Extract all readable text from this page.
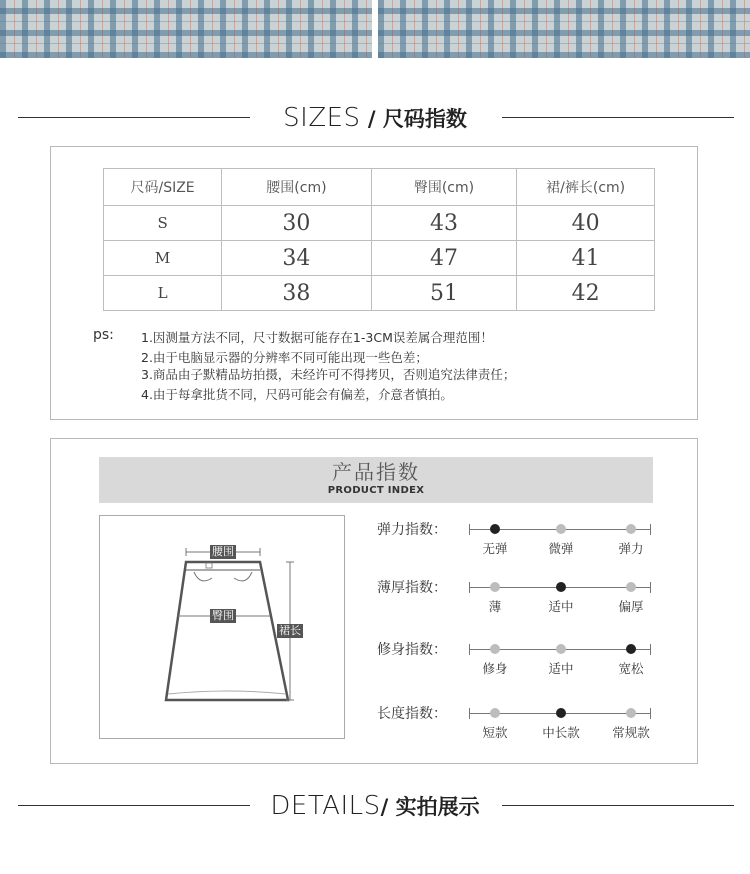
SIZES / 尺码指数
尺码/SIZE	腰围(cm)	臀围(cm)	裙/裤长(cm)
S	30	43	40
M	34	47	41
L	38	51	42
ps: 1.因测量方法不同，尺寸数据可能存在1-3CM误差属合理范围！
2.由于电脑显示器的分辨率不同可能出现一些色差；
3.商品由子默精品坊拍摄，未经许可不得拷贝，否则追究法律责任；
4.由于每拿批货不同，尺码可能会有偏差，介意者慎拍。
产品指数
PRODUCT INDEX
腰围
臀围
裙长
弹力指数：
无弹	微弹	弹力
薄厚指数：
薄	适中	偏厚
修身指数：
修身	适中	宽松
长度指数：
短款	中长款	常规款
DETAILS/ 实拍展示
